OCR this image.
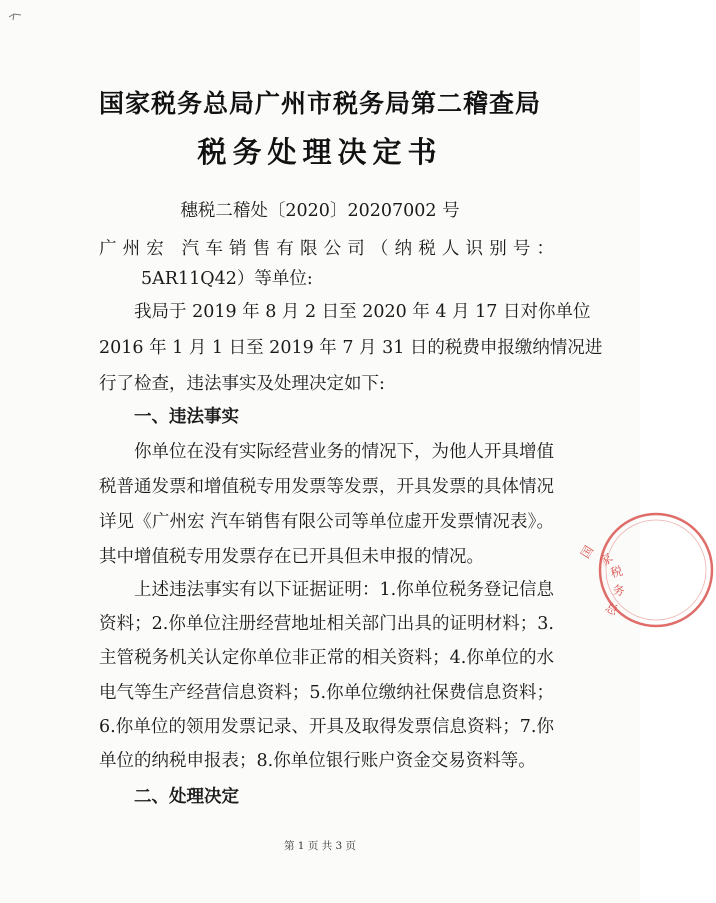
国家税务总局广州市税务局第二稽查局
税务处理决定书
穗税二稽处〔2020〕20207002 号
广州宏 汽车销售有限公司（纳税人识别号：
5AR11Q42）等单位:
我局于 2019 年 8 月 2 日至 2020 年 4 月 17 日对你单位
2016 年 1 月 1 日至 2019 年 7 月 31 日的税费申报缴纳情况进
行了检查，违法事实及处理决定如下:
一、违法事实
你单位在没有实际经营业务的情况下，为他人开具增值
税普通发票和增值税专用发票等发票，开具发票的具体情况
详见《广州宏 汽车销售有限公司等单位虚开发票情况表》。
其中增值税专用发票存在已开具但未申报的情况。
上述违法事实有以下证据证明：1.你单位税务登记信息
资料；2.你单位注册经营地址相关部门出具的证明材料；3.
主管税务机关认定你单位非正常的相关资料；4.你单位的水
电气等生产经营信息资料；5.你单位缴纳社保费信息资料；
6.你单位的领用发票记录、开具及取得发票信息资料；7.你
单位的纳税申报表；8.你单位银行账户资金交易资料等。
二、处理决定
第 1 页 共 3 页
国 家
税
务
总
